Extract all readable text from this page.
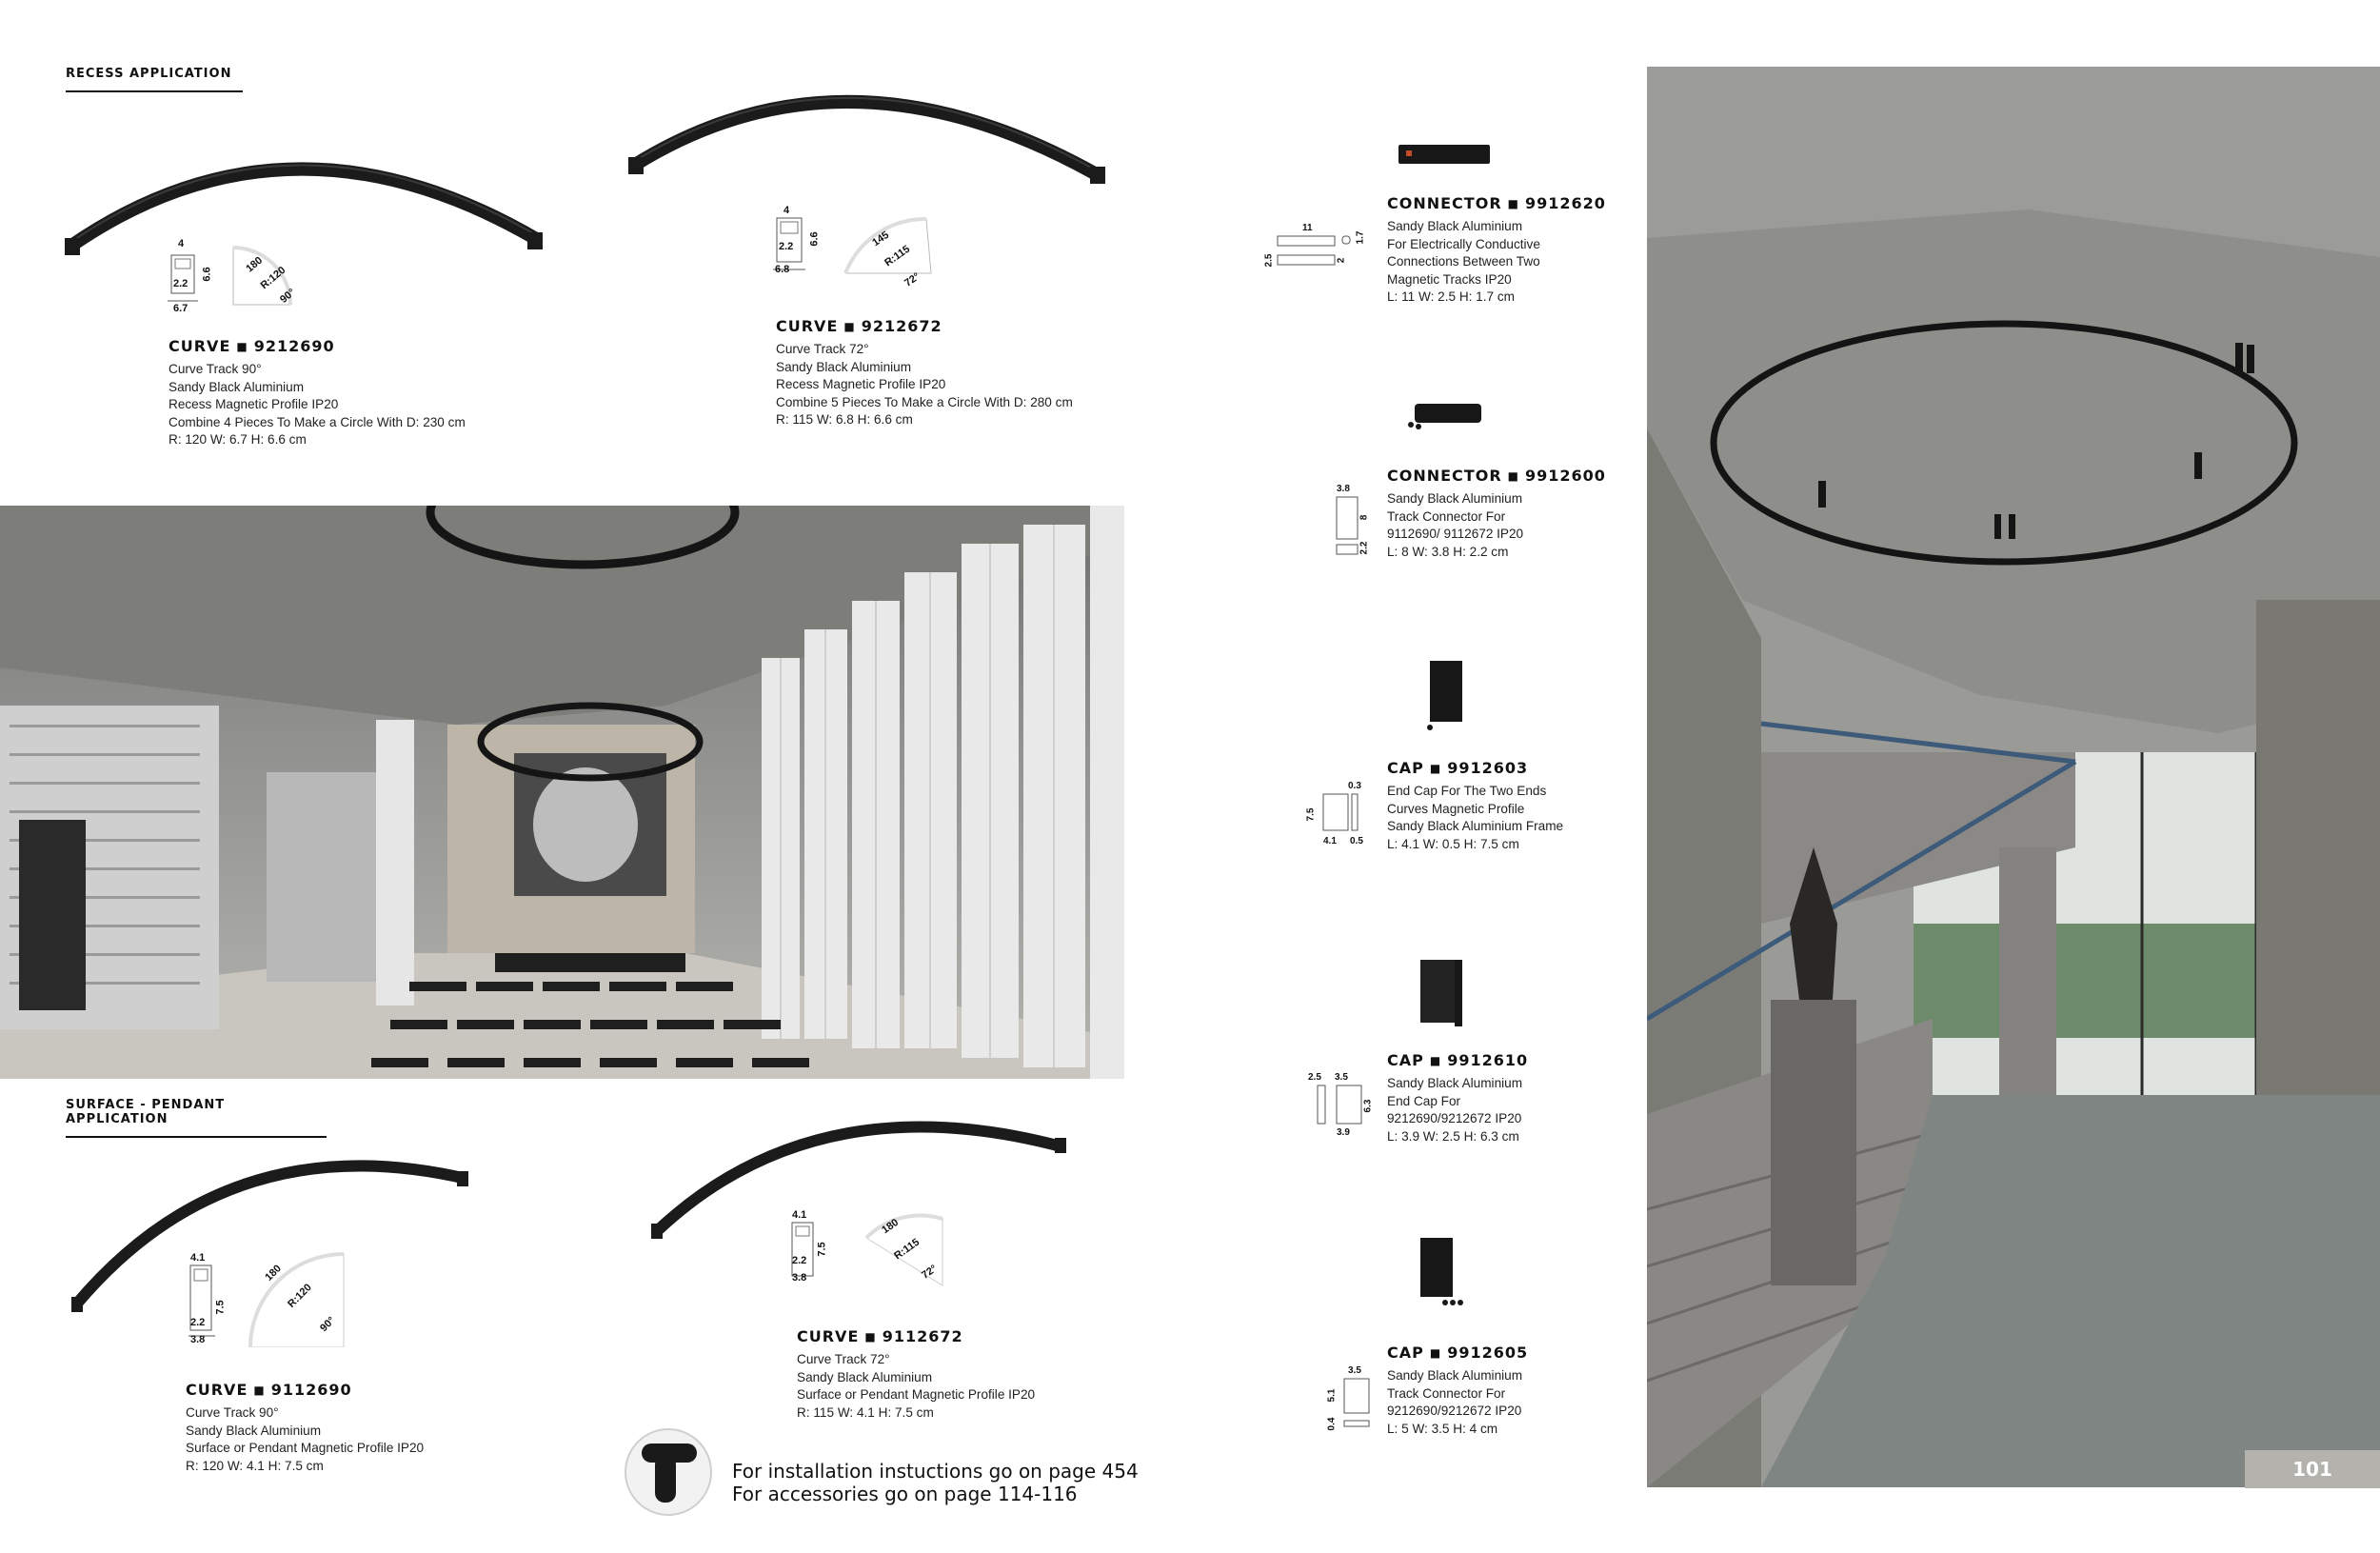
RECESS APPLICATION
4
6.6
2.2
6.7
180
R:120
90°
4
6.6
2.2
6.8
145
R:115
72°
CURVE ■ 9212690
Curve Track 90°
Sandy Black Aluminium
Recess Magnetic Profile IP20
Combine 4 Pieces To Make a Circle With D: 230 cm
R: 120 W: 6.7 H: 6.6 cm
CURVE ■ 9212672
Curve Track 72°
Sandy Black Aluminium
Recess Magnetic Profile IP20
Combine 5 Pieces To Make a Circle With D: 280 cm
R: 115 W: 6.8 H: 6.6 cm
SURFACE - PENDANT APPLICATION
4.1
7.5
2.2
3.8
180
R:120
90°
4.1
7.5
2.2
3.8
180
R:115
72°
CURVE ■ 9112690
Curve Track 90°
Sandy Black Aluminium
Surface or Pendant Magnetic Profile IP20
R: 120 W: 4.1 H: 7.5 cm
CURVE ■ 9112672
Curve Track 72°
Sandy Black Aluminium
Surface or Pendant Magnetic Profile IP20
R: 115 W: 4.1 H: 7.5 cm
For installation instuctions go on page 454
For accessories go on page 114-116
11
1.7
2.5	2
CONNECTOR ■ 9912620
Sandy Black Aluminium
For Electrically Conductive
Connections Between Two
Magnetic Tracks IP20
L: 11 W: 2.5 H: 1.7 cm
3.8
8
2.2
CONNECTOR ■ 9912600
Sandy Black Aluminium
Track Connector For
9112690/ 9112672 IP20
L: 8 W: 3.8 H: 2.2 cm
0.3
7.5
4.1 0.5
CAP ■ 9912603
End Cap For The Two Ends
Curves Magnetic Profile
Sandy Black Aluminium Frame
L: 4.1 W: 0.5 H: 7.5 cm
2.5 3.5
6.3
3.9
CAP ■ 9912610
Sandy Black Aluminium
End Cap For
9212690/9212672 IP20
L: 3.9 W: 2.5 H: 6.3 cm
3.5
5.1
0.4
CAP ■ 9912605
Sandy Black Aluminium
Track Connector For
9212690/9212672 IP20
L: 5 W: 3.5 H: 4 cm
101
